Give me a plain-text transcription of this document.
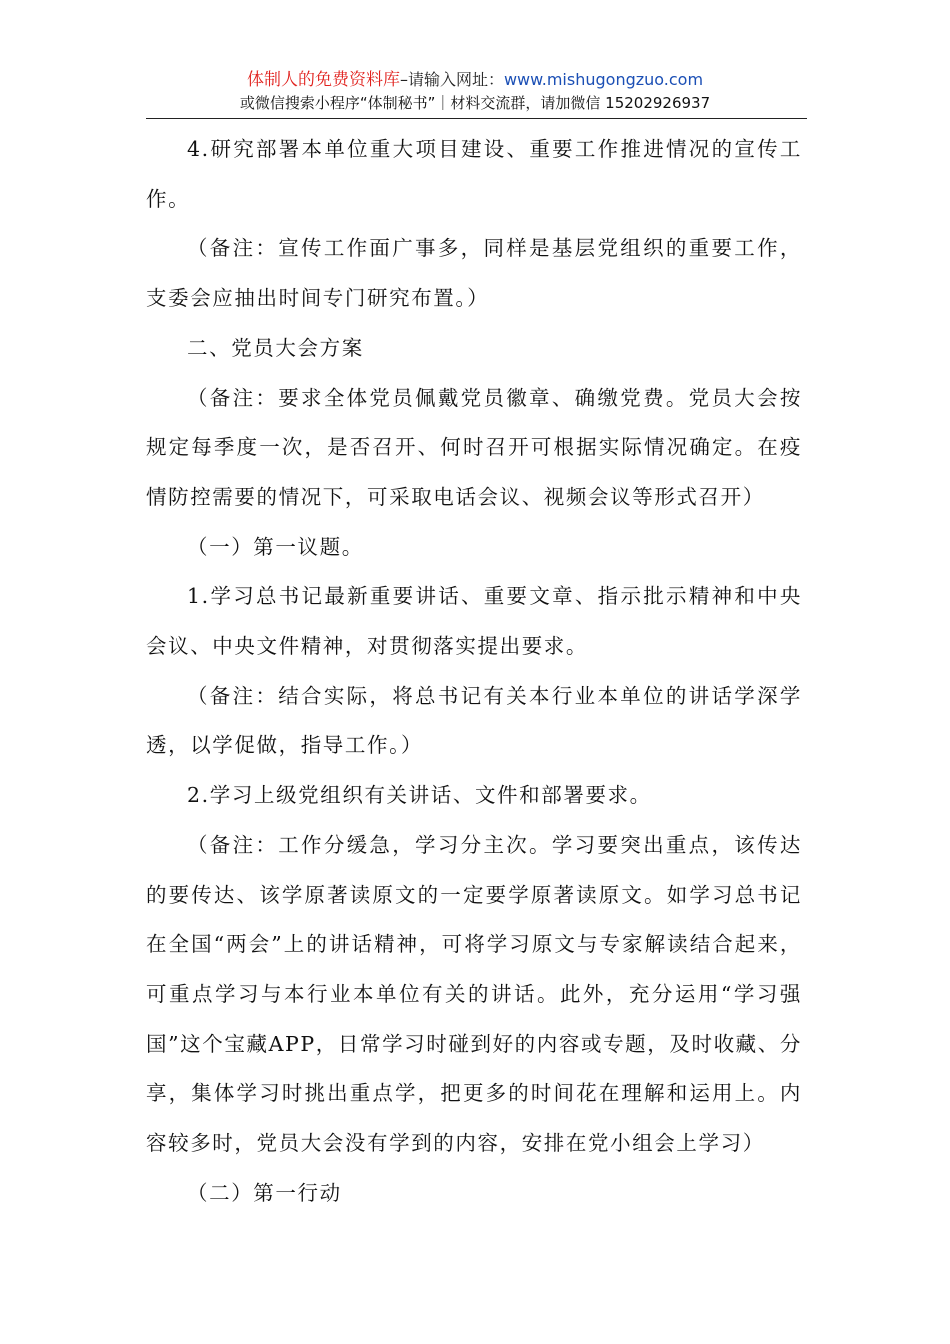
体制人的免费资料库–请输入网址：www.mishugongzuo.com
或微信搜索小程序“体制秘书”｜材料交流群，请加微信 15202926937

4.研究部署本单位重大项目建设、重要工作推进情况的宣传工作。

（备注：宣传工作面广事多，同样是基层党组织的重要工作，支委会应抽出时间专门研究布置。）

二、党员大会方案

（备注：要求全体党员佩戴党员徽章、确缴党费。党员大会按规定每季度一次，是否召开、何时召开可根据实际情况确定。在疫情防控需要的情况下，可采取电话会议、视频会议等形式召开）

（一）第一议题。

1.学习总书记最新重要讲话、重要文章、指示批示精神和中央会议、中央文件精神，对贯彻落实提出要求。

（备注：结合实际，将总书记有关本行业本单位的讲话学深学透，以学促做，指导工作。）

2.学习上级党组织有关讲话、文件和部署要求。

（备注：工作分缓急，学习分主次。学习要突出重点，该传达的要传达、该学原著读原文的一定要学原著读原文。如学习总书记在全国“两会”上的讲话精神，可将学习原文与专家解读结合起来，可重点学习与本行业本单位有关的讲话。此外，充分运用“学习强国”这个宝藏APP，日常学习时碰到好的内容或专题，及时收藏、分享，集体学习时挑出重点学，把更多的时间花在理解和运用上。内容较多时，党员大会没有学到的内容，安排在党小组会上学习）

（二）第一行动
